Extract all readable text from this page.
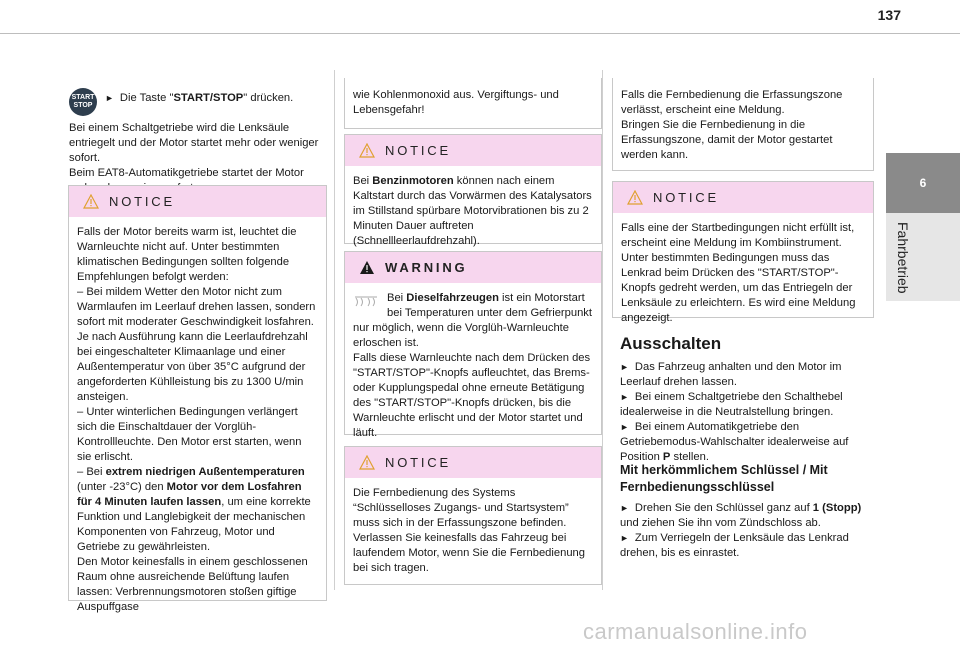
137
6
Fahrbetrieb
START
STOP
► Die Taste "START/STOP" drücken.

Bei einem Schaltgetriebe wird die Lenksäule entriegelt und der Motor startet mehr oder weniger sofort.

Beim EAT8-Automatikgetriebe startet der Motor

NOTICE

Falls der Motor bereits warm ist, leuchtet die Warnleuchte nicht auf. Unter bestimmten klimatischen Bedingungen sollten folgende Empfehlungen befolgt werden:

– Bei mildem Wetter den Motor nicht zum Warmlaufen im Leerlauf drehen lassen, sondern sofort mit moderater Geschwindigkeit losfahren.

Je nach Ausführung kann die Leerlaufdrehzahl bei eingeschalteter Klimaanlage und einer Außentemperatur von über 35°C aufgrund der angeforderten Kühlleistung bis zu 1300 U/min ansteigen.

– Unter winterlichen Bedingungen verlängert sich die Einschaltdauer der Vorglüh-Kontrollleuchte. Den Motor erst starten, wenn sie erlischt.

– Bei extrem niedrigen Außentemperaturen (unter -23°C) den Motor vor dem Losfahren für 4 Minuten laufen lassen, um eine korrekte Funktion und Langlebigkeit der mechanischen Komponenten von Fahrzeug, Motor und Getriebe zu gewährleisten.

Den Motor keinesfalls in einem geschlossenen Raum ohne ausreichende Belüftung laufen lassen: Verbrennungsmotoren stoßen giftige Auspuffgase

wie Kohlenmonoxid aus. Vergiftungs- und Lebensgefahr!

NOTICE

Bei Benzinmotoren können nach einem Kaltstart durch das Vorwärmen des Katalysators im Stillstand spürbare Motorvibrationen bis zu 2 Minuten Dauer auftreten (Schnellleerlaufdrehzahl).

WARNING

Bei Dieselfahrzeugen ist ein Motorstart bei Temperaturen unter dem Gefrierpunkt nur möglich, wenn die Vorglüh-Warnleuchte erloschen ist.

Falls diese Warnleuchte nach dem Drücken des "START/STOP"-Knopfs aufleuchtet, das Brems- oder Kupplungspedal ohne erneute Betätigung des "START/STOP"-Knopfs drücken, bis die Warnleuchte erlischt und der Motor startet und läuft.

NOTICE

Die Fernbedienung des Systems “Schlüsselloses Zugangs- und Startsystem” muss sich in der Erfassungszone befinden.

Verlassen Sie keinesfalls das Fahrzeug bei laufendem Motor, wenn Sie die Fernbedienung bei sich tragen.

Falls die Fernbedienung die Erfassungszone verlässt, erscheint eine Meldung.

Bringen Sie die Fernbedienung in die Erfassungszone, damit der Motor gestartet werden kann.

NOTICE

Falls eine der Startbedingungen nicht erfüllt ist, erscheint eine Meldung im Kombiinstrument. Unter bestimmten Bedingungen muss das Lenkrad beim Drücken des "START/STOP"-Knopfs gedreht werden, um das Entriegeln der Lenksäule zu erleichtern. Es wird eine Meldung angezeigt.

Ausschalten

► Das Fahrzeug anhalten und den Motor im Leerlauf drehen lassen.

► Bei einem Schaltgetriebe den Schalthebel idealerweise in die Neutralstellung bringen.

► Bei einem Automatikgetriebe den Getriebemodus-Wahlschalter idealerweise auf Position P stellen.

Mit herkömmlichem Schlüssel / Mit Fernbedienungsschlüssel

► Drehen Sie den Schlüssel ganz auf 1 (Stopp) und ziehen Sie ihn vom Zündschloss ab.

► Zum Verriegeln der Lenksäule das Lenkrad drehen, bis es einrastet.

carmanualsonline.info
